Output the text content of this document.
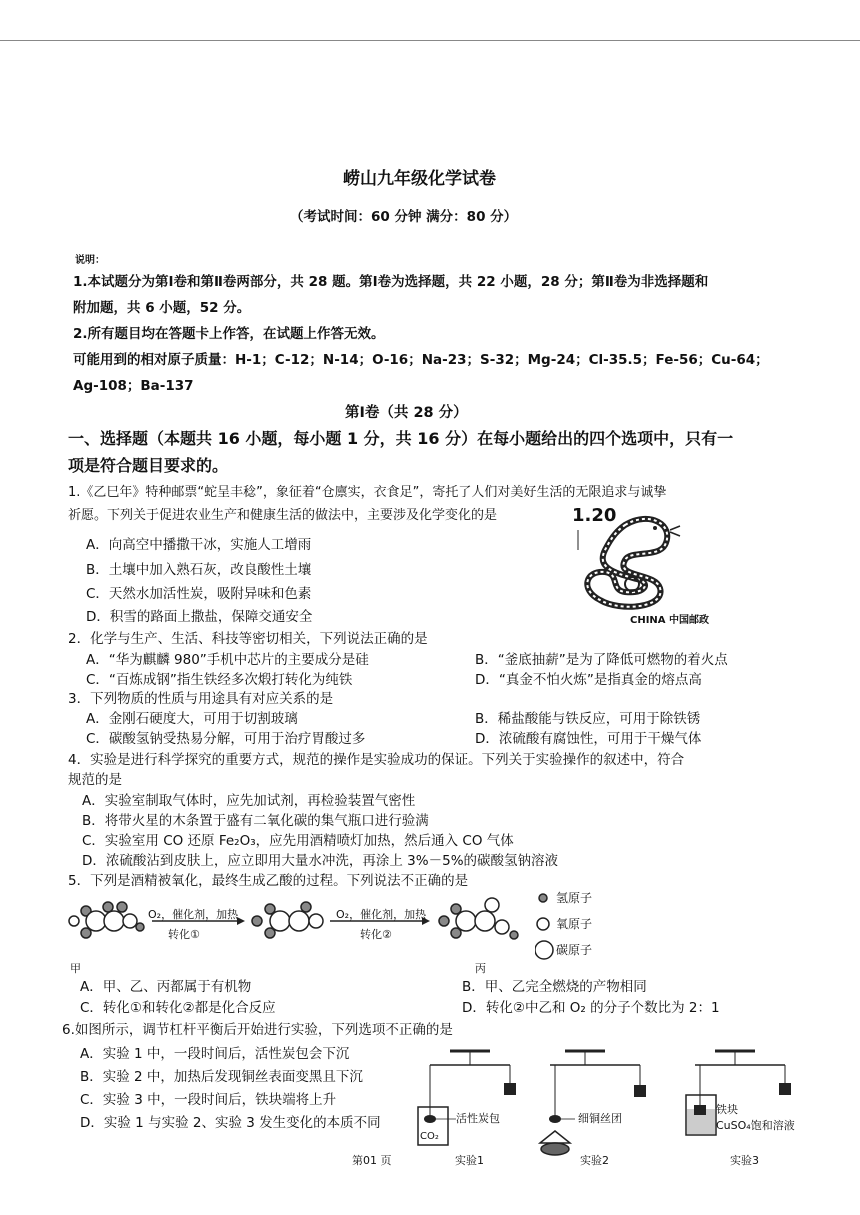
崂山九年级化学试卷
（考试时间：60 分钟 满分：80 分）
说明：
1.本试题分为第Ⅰ卷和第Ⅱ卷两部分，共 28 题。第Ⅰ卷为选择题，共 22 小题，28 分；第Ⅱ卷为非选择题和
附加题，共 6 小题，52 分。
2.所有题目均在答题卡上作答，在试题上作答无效。
可能用到的相对原子质量：H-1；C-12；N-14；O-16；Na-23；S-32；Mg-24；Cl-35.5；Fe-56；Cu-64；
Ag-108；Ba-137
第Ⅰ卷（共 28 分）
一、选择题（本题共 16 小题，每小题 1 分，共 16 分）在每小题给出的四个选项中，只有一
项是符合题目要求的。
1.《乙巳年》特种邮票“蛇呈丰稔”，象征着“仓廪实，衣食足”，寄托了人们对美好生活的无限追求与诚挚
祈愿。下列关于促进农业生产和健康生活的做法中，主要涉及化学变化的是
A．向高空中播撒干冰，实施人工增雨
B．土壤中加入熟石灰，改良酸性土壤
C．天然水加活性炭，吸附异味和色素
D．积雪的路面上撒盐，保障交通安全
1.20
CHINA 中国邮政
2．化学与生产、生活、科技等密切相关，下列说法正确的是
A．“华为麒麟 980”手机中芯片的主要成分是硅	B．“釜底抽薪”是为了降低可燃物的着火点
C．“百炼成钢”指生铁经多次煅打转化为纯铁	D．“真金不怕火炼”是指真金的熔点高
3．下列物质的性质与用途具有对应关系的是
A．金刚石硬度大，可用于切割玻璃	B．稀盐酸能与铁反应，可用于除铁锈
C．碳酸氢钠受热易分解，可用于治疗胃酸过多	D．浓硫酸有腐蚀性，可用于干燥气体
4．实验是进行科学探究的重要方式，规范的操作是实验成功的保证。下列关于实验操作的叙述中，符合
规范的是
A．实验室制取气体时，应先加试剂，再检验装置气密性
B．将带火星的木条置于盛有二氧化碳的集气瓶口进行验满
C．实验室用 CO 还原 Fe₂O₃，应先用酒精喷灯加热，然后通入 CO 气体
D．浓硫酸沾到皮肤上，应立即用大量水冲洗，再涂上 3%－5%的碳酸氢钠溶液
5．下列是酒精被氧化，最终生成乙酸的过程。下列说法不正确的是
O₂，催化剂，加热
转化①
O₂，催化剂，加热
转化②
氢原子
氧原子
碳原子
甲	丙
A．甲、乙、丙都属于有机物	B．甲、乙完全燃烧的产物相同
C．转化①和转化②都是化合反应	D．转化②中乙和 O₂ 的分子个数比为 2：1
6.如图所示，调节杠杆平衡后开始进行实验，下列选项不正确的是
A．实验 1 中，一段时间后，活性炭包会下沉
B．实验 2 中，加热后发现铜丝表面变黑且下沉
C．实验 3 中，一段时间后，铁块端将上升
D．实验 1 与实验 2、实验 3 发生变化的本质不同	活性炭包
CO₂
细铜丝团
铁块
CuSO₄饱和溶液
第01 页	实验1	实验2	实验3
